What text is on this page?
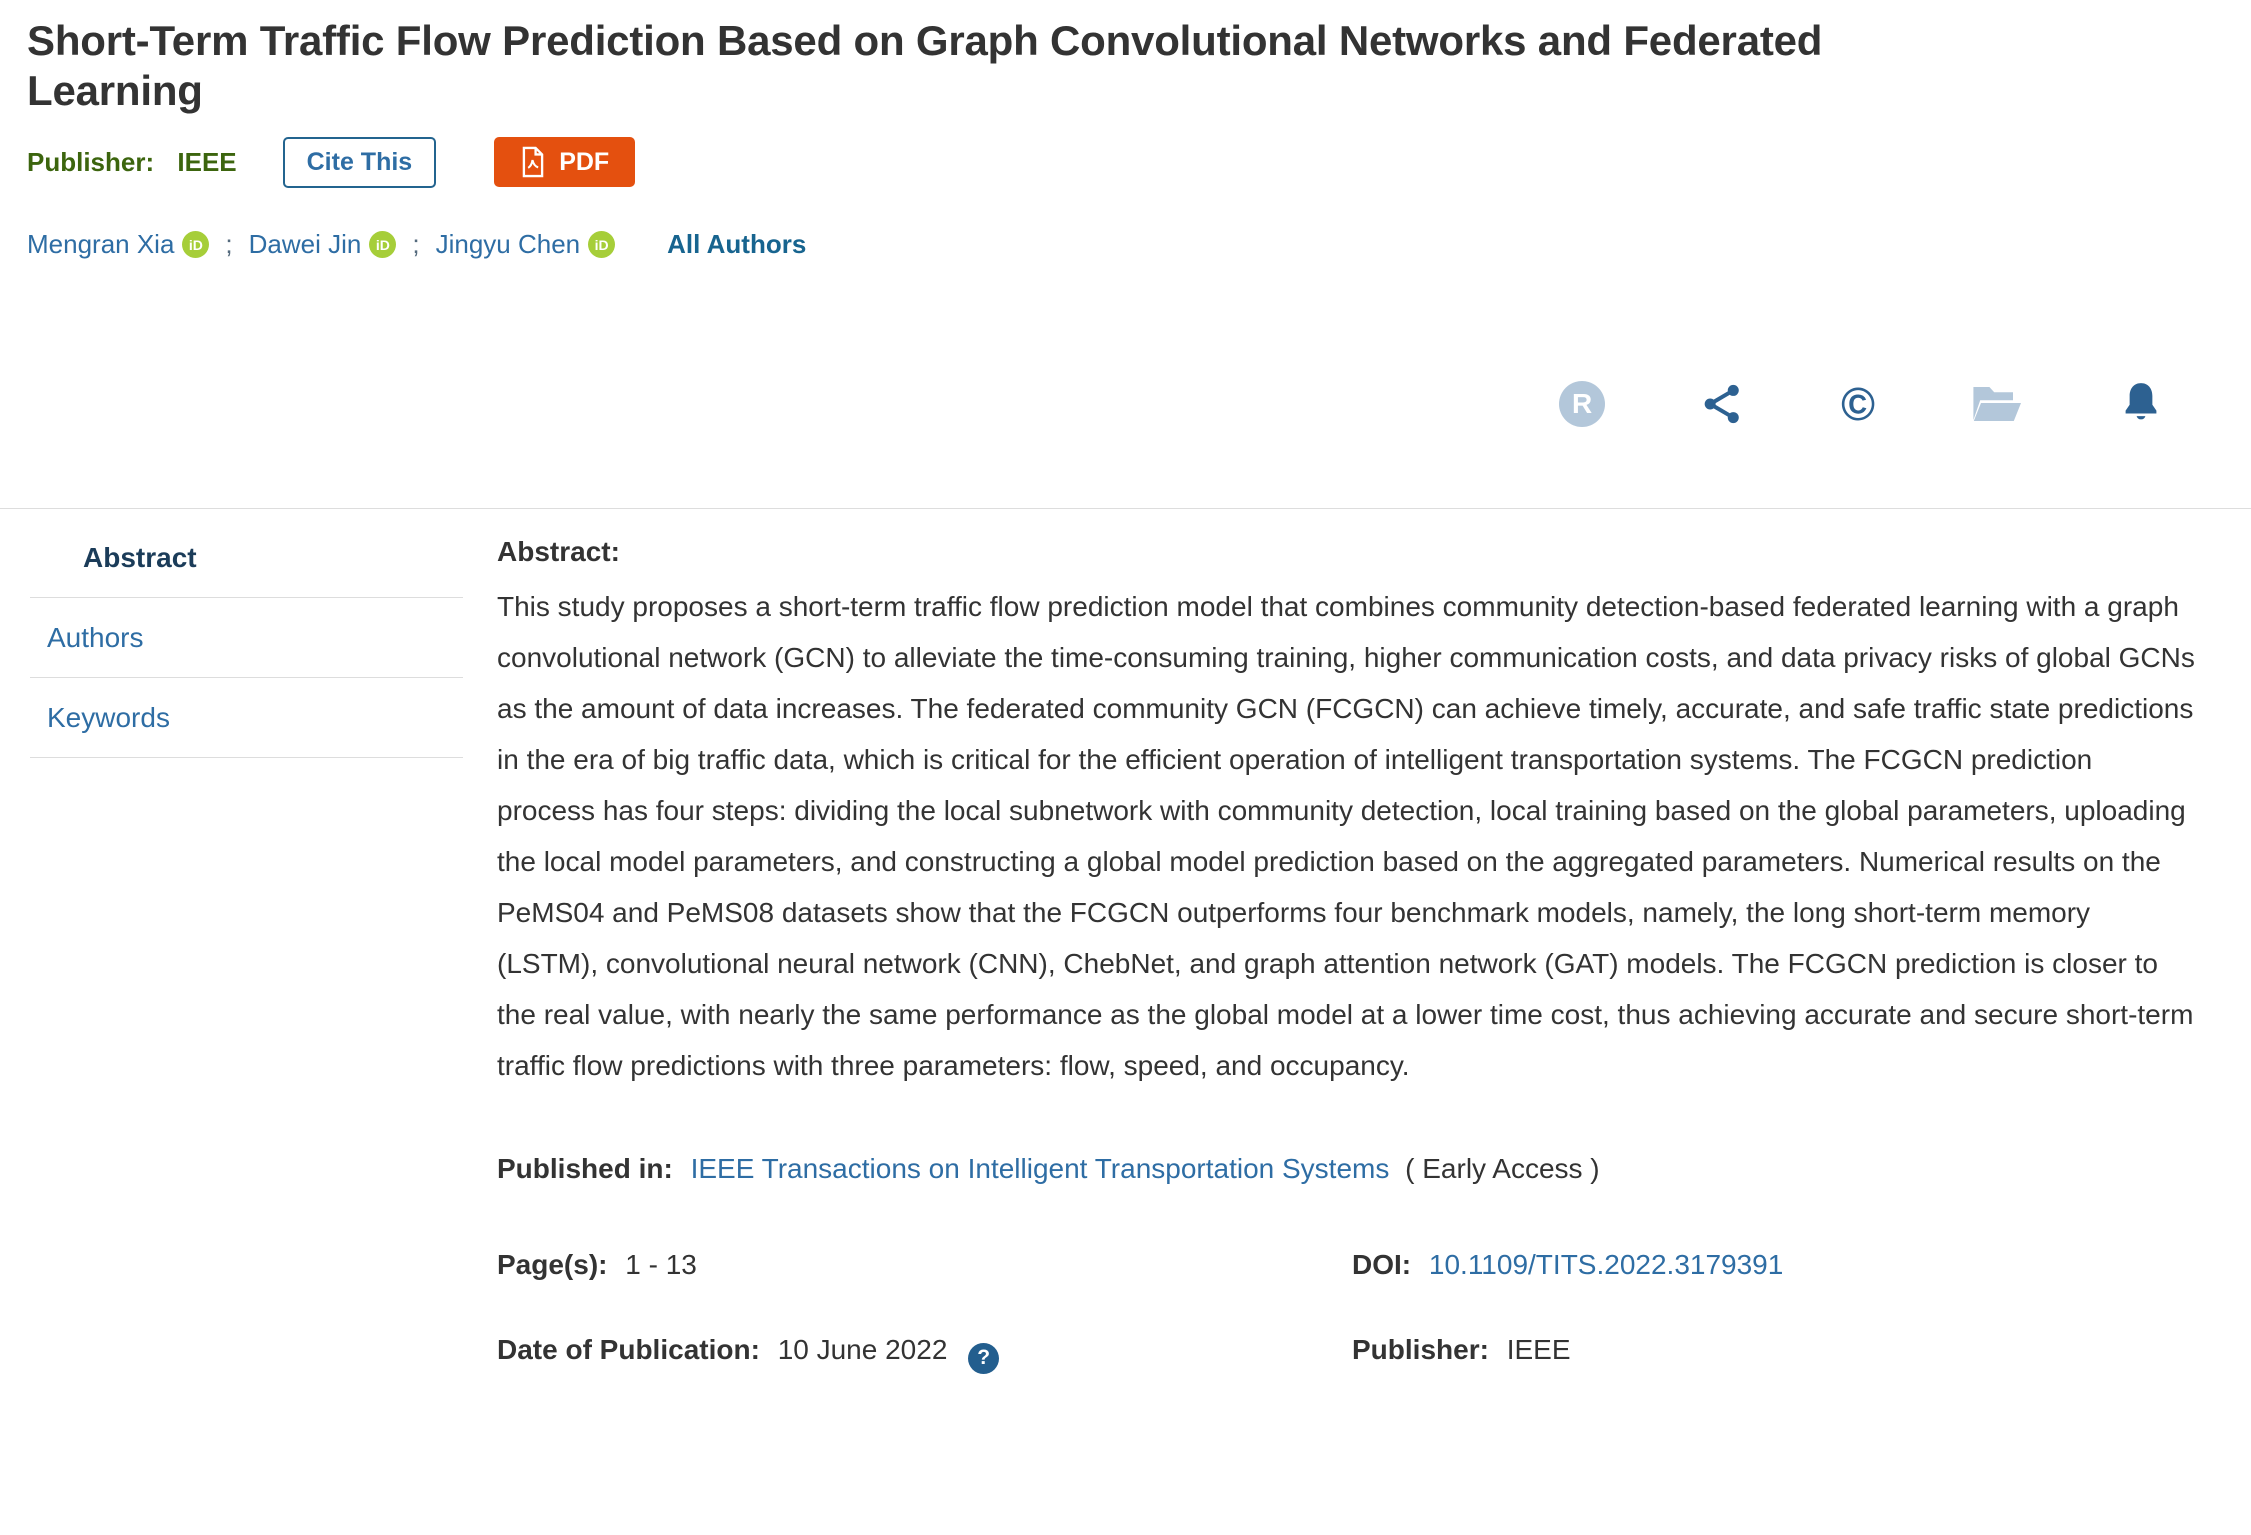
Short-Term Traffic Flow Prediction Based on Graph Convolutional Networks and Federated Learning
Publisher: IEEE	Cite This	PDF
Mengran Xia	iD ; Dawei Jin	iD ; Jingyu Chen	iD All Authors
R	©
Abstract
Authors
Keywords
Abstract:

This study proposes a short-term traffic flow prediction model that combines community detection-based federated learning with a graph convolutional network (GCN) to alleviate the time-consuming training, higher communication costs, and data privacy risks of global GCNs as the amount of data increases. The federated community GCN (FCGCN) can achieve timely, accurate, and safe traffic state predictions in the era of big traffic data, which is critical for the efficient operation of intelligent transportation systems. The FCGCN prediction process has four steps: dividing the local subnetwork with community detection, local training based on the global parameters, uploading the local model parameters, and constructing a global model prediction based on the aggregated parameters. Numerical results on the PeMS04 and PeMS08 datasets show that the FCGCN outperforms four benchmark models, namely, the long short-term memory (LSTM), convolutional neural network (CNN), ChebNet, and graph attention network (GAT) models. The FCGCN prediction is closer to the real value, with nearly the same performance as the global model at a lower time cost, thus achieving accurate and secure short-term traffic flow predictions with three parameters: flow, speed, and occupancy.

Published in: IEEE Transactions on Intelligent Transportation Systems ( Early Access )

Page(s): 1 - 13	DOI: 10.1109/TITS.2022.3179391
Date of Publication: 10 June 2022 ?	Publisher: IEEE
